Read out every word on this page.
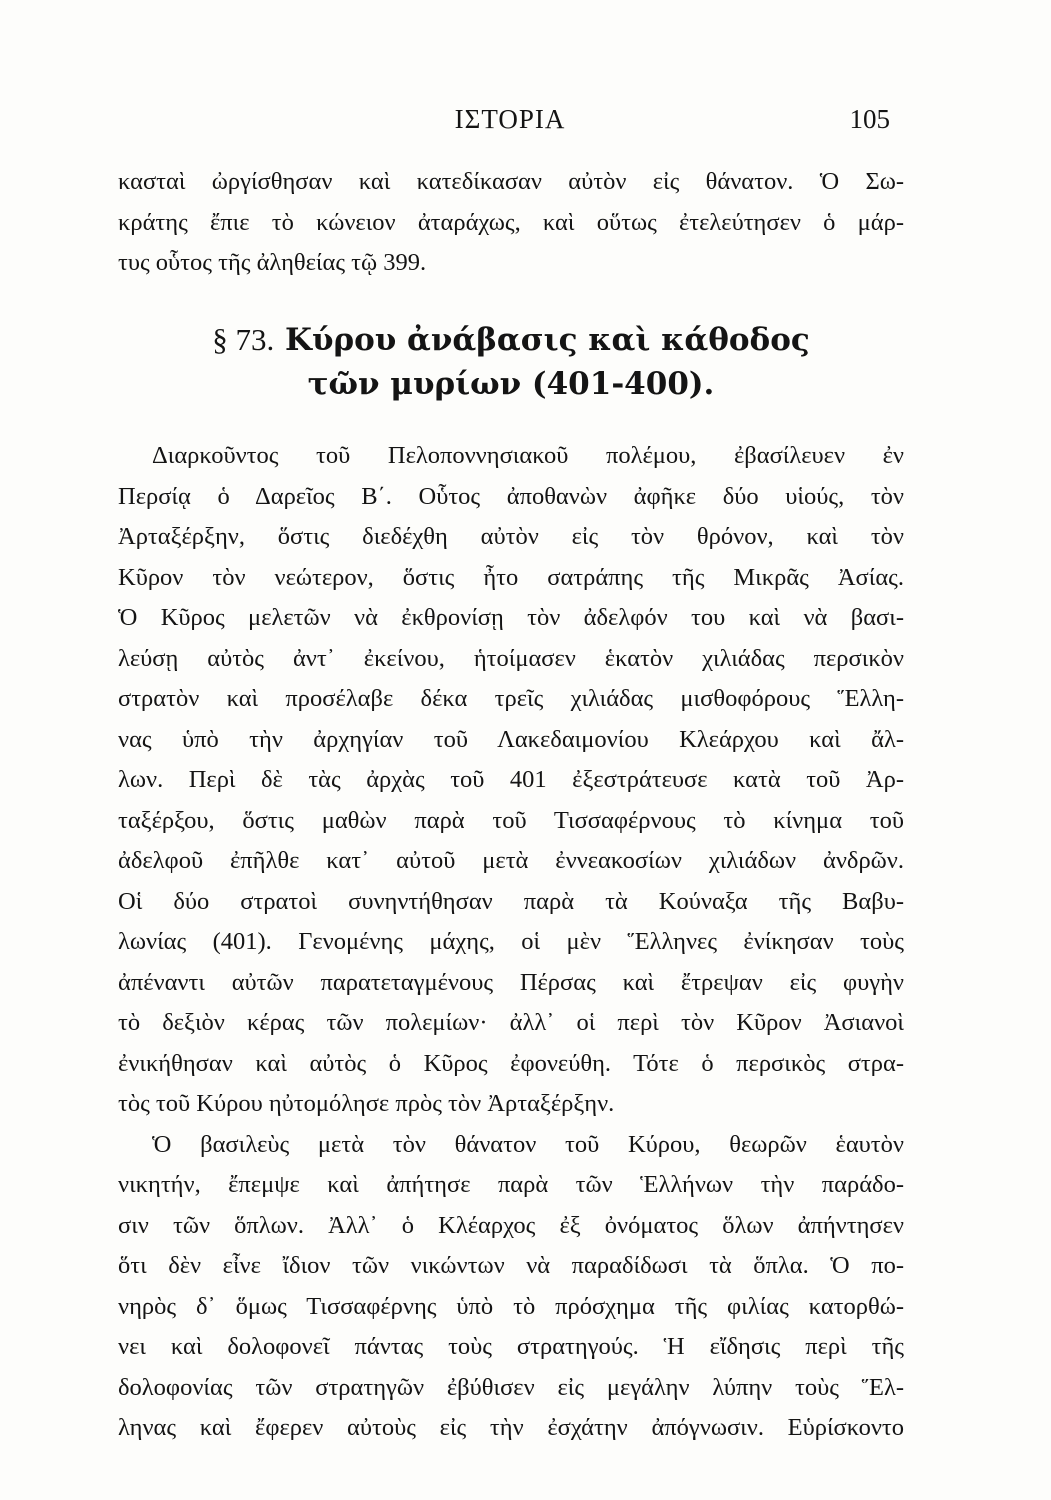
ΙΣΤΟΡΙΑ	105
κασταὶ ὠργίσθησαν καὶ κατεδίκασαν αὐτὸν εἰς θάνατον. Ὁ Σω-
κράτης ἔπιε τὸ κώνειον ἀταράχως, καὶ οὕτως ἐτελεύτησεν ὁ μάρ-
τυς οὗτος τῆς ἀληθείας τῷ 399.
§ 73. Κύρου ἀνάβασις καὶ κάθοδος
τῶν μυρίων (401-400).
Διαρκοῦντος τοῦ Πελοποννησιακοῦ πολέμου, ἐβασίλευεν ἐν
Περσίᾳ ὁ Δαρεῖος Β΄. Οὗτος ἀποθανὼν ἀφῆκε δύο υἱούς, τὸν
Ἀρταξέρξην, ὅστις διεδέχθη αὐτὸν εἰς τὸν θρόνον, καὶ τὸν
Κῦρον τὸν νεώτερον, ὅστις ἦτο σατράπης τῆς Μικρᾶς Ἀσίας.
Ὁ Κῦρος μελετῶν νὰ ἐκθρονίσῃ τὸν ἀδελφόν του καὶ νὰ βασι-
λεύσῃ αὐτὸς ἀντ᾽ ἐκείνου, ἡτοίμασεν ἑκατὸν χιλιάδας περσικὸν
στρατὸν καὶ προσέλαβε δέκα τρεῖς χιλιάδας μισθοφόρους Ἕλλη-
νας ὑπὸ τὴν ἀρχηγίαν τοῦ Λακεδαιμονίου Κλεάρχου καὶ ἄλ-
λων. Περὶ δὲ τὰς ἀρχὰς τοῦ 401 ἐξεστράτευσε κατὰ τοῦ Ἀρ-
ταξέρξου, ὅστις μαθὼν παρὰ τοῦ Τισσαφέρνους τὸ κίνημα τοῦ
ἀδελφοῦ ἐπῆλθε κατ᾽ αὐτοῦ μετὰ ἐννεακοσίων χιλιάδων ἀνδρῶν.
Οἱ δύο στρατοὶ συνηντήθησαν παρὰ τὰ Κούναξα τῆς Βαβυ-
λωνίας (401). Γενομένης μάχης, οἱ μὲν Ἕλληνες ἐνίκησαν τοὺς
ἀπέναντι αὐτῶν παρατεταγμένους Πέρσας καὶ ἔτρεψαν εἰς φυγὴν
τὸ δεξιὸν κέρας τῶν πολεμίων· ἀλλ᾽ οἱ περὶ τὸν Κῦρον Ἀσιανοὶ
ἐνικήθησαν καὶ αὐτὸς ὁ Κῦρος ἐφονεύθη. Τότε ὁ περσικὸς στρα-
τὸς τοῦ Κύρου ηὐτομόλησε πρὸς τὸν Ἀρταξέρξην.
Ὁ βασιλεὺς μετὰ τὸν θάνατον τοῦ Κύρου, θεωρῶν ἑαυτὸν
νικητήν, ἔπεμψε καὶ ἀπήτησε παρὰ τῶν Ἑλλήνων τὴν παράδο-
σιν τῶν ὅπλων. Ἀλλ᾽ ὁ Κλέαρχος ἐξ ὀνόματος ὅλων ἀπήντησεν
ὅτι δὲν εἶνε ἴδιον τῶν νικώντων νὰ παραδίδωσι τὰ ὅπλα. Ὁ πο-
νηρὸς δ᾽ ὅμως Τισσαφέρνης ὑπὸ τὸ πρόσχημα τῆς φιλίας κατορθώ-
νει καὶ δολοφονεῖ πάντας τοὺς στρατηγούς. Ἡ εἴδησις περὶ τῆς
δολοφονίας τῶν στρατηγῶν ἐβύθισεν εἰς μεγάλην λύπην τοὺς Ἕλ-
ληνας καὶ ἔφερεν αὐτοὺς εἰς τὴν ἐσχάτην ἀπόγνωσιν. Εὑρίσκοντο
